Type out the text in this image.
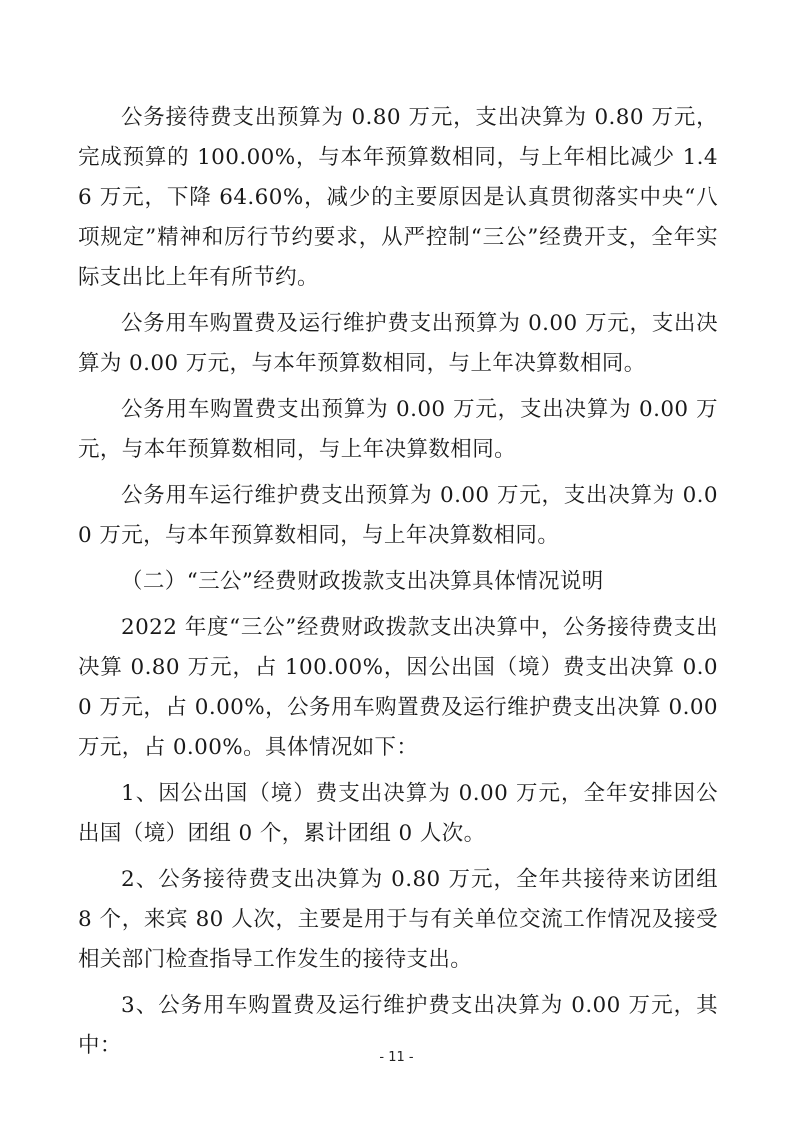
公务接待费支出预算为 0.80 万元，支出决算为 0.80 万元，完成预算的 100.00%，与本年预算数相同，与上年相比减少 1.46 万元，下降 64.60%，减少的主要原因是认真贯彻落实中央“八项规定”精神和厉行节约要求，从严控制“三公”经费开支，全年实际支出比上年有所节约。

公务用车购置费及运行维护费支出预算为 0.00 万元，支出决算为 0.00 万元，与本年预算数相同，与上年决算数相同。

公务用车购置费支出预算为 0.00 万元，支出决算为 0.00 万元，与本年预算数相同，与上年决算数相同。

公务用车运行维护费支出预算为 0.00 万元，支出决算为 0.00 万元，与本年预算数相同，与上年决算数相同。

（二）“三公”经费财政拨款支出决算具体情况说明

2022 年度“三公”经费财政拨款支出决算中，公务接待费支出决算 0.80 万元，占 100.00%，因公出国（境）费支出决算 0.00 万元，占 0.00%，公务用车购置费及运行维护费支出决算 0.00 万元，占 0.00%。具体情况如下：

1、因公出国（境）费支出决算为 0.00 万元，全年安排因公出国（境）团组 0 个，累计团组 0 人次。

2、公务接待费支出决算为 0.80 万元，全年共接待来访团组 8 个，来宾 80 人次，主要是用于与有关单位交流工作情况及接受相关部门检查指导工作发生的接待支出。

3、公务用车购置费及运行维护费支出决算为 0.00 万元，其中：	- 11 -
